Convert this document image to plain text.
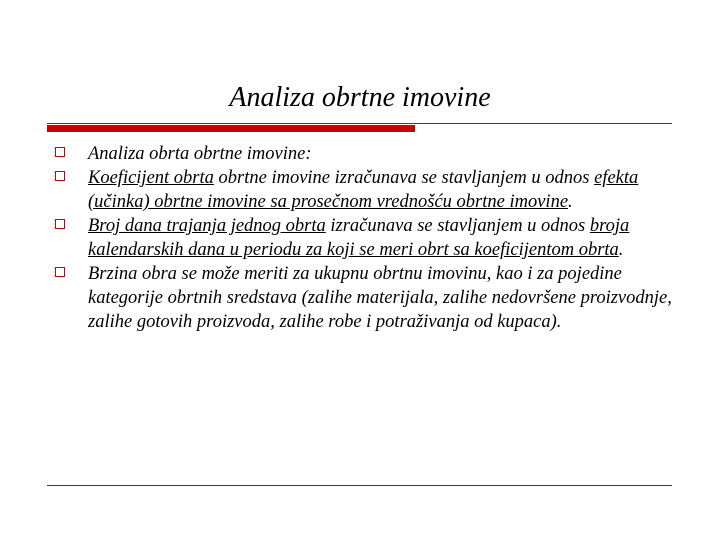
Analiza obrtne imovine
Analiza obrta obrtne imovine:
Koeficijent obrta obrtne imovine izračunava se stavljanjem u odnos efekta (učinka) obrtne imovine sa prosečnom vrednošću obrtne imovine.
Broj dana trajanja jednog obrta izračunava se stavljanjem u odnos broja kalendarskih dana u periodu za koji se meri obrt sa koeficijentom obrta.
Brzina obra se može meriti za ukupnu obrtnu imovinu, kao i za pojedine kategorije obrtnih sredstava (zalihe materijala, zalihe nedovršene proizvodnje, zalihe gotovih proizvoda, zalihe robe i potraživanja od kupaca).
